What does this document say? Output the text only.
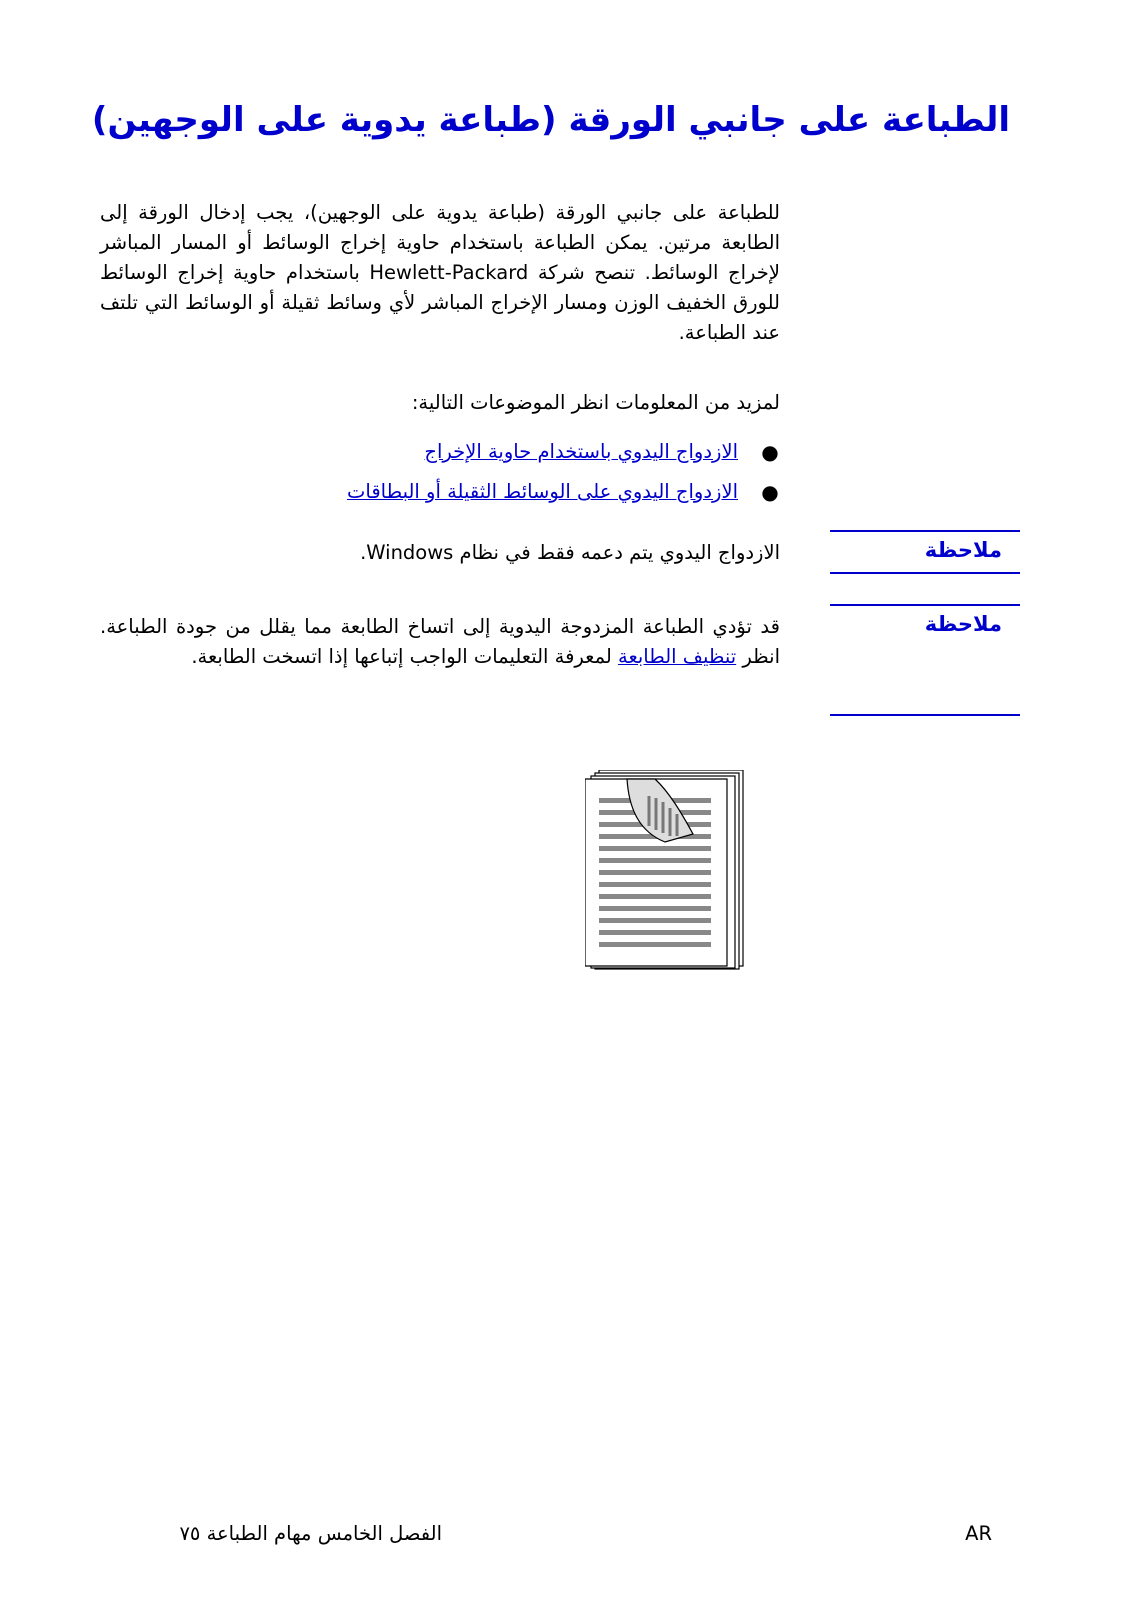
الطباعة على جانبي الورقة (طباعة يدوية على الوجهين)
للطباعة على جانبي الورقة (طباعة يدوية على الوجهين)، يجب إدخال الورقة إلى الطابعة مرتين. يمكن الطباعة باستخدام حاوية إخراج الوسائط أو المسار المباشر لإخراج الوسائط. تنصح شركة Hewlett-Packard باستخدام حاوية إخراج الوسائط للورق الخفيف الوزن ومسار الإخراج المباشر لأي وسائط ثقيلة أو الوسائط التي تلتف عند الطباعة.
لمزيد من المعلومات انظر الموضوعات التالية:
●
الازدواج اليدوي باستخدام حاوية الإخراج
●
الازدواج اليدوي على الوسائط الثقيلة أو البطاقات
ملاحظة
الازدواج اليدوي يتم دعمه فقط في نظام Windows.
ملاحظة
قد تؤدي الطباعة المزدوجة اليدوية إلى اتساخ الطابعة مما يقلل من جودة الطباعة. انظر تنظيف الطابعة لمعرفة التعليمات الواجب إتباعها إذا اتسخت الطابعة.
الفصل الخامس مهام الطباعة ٧٥	AR
